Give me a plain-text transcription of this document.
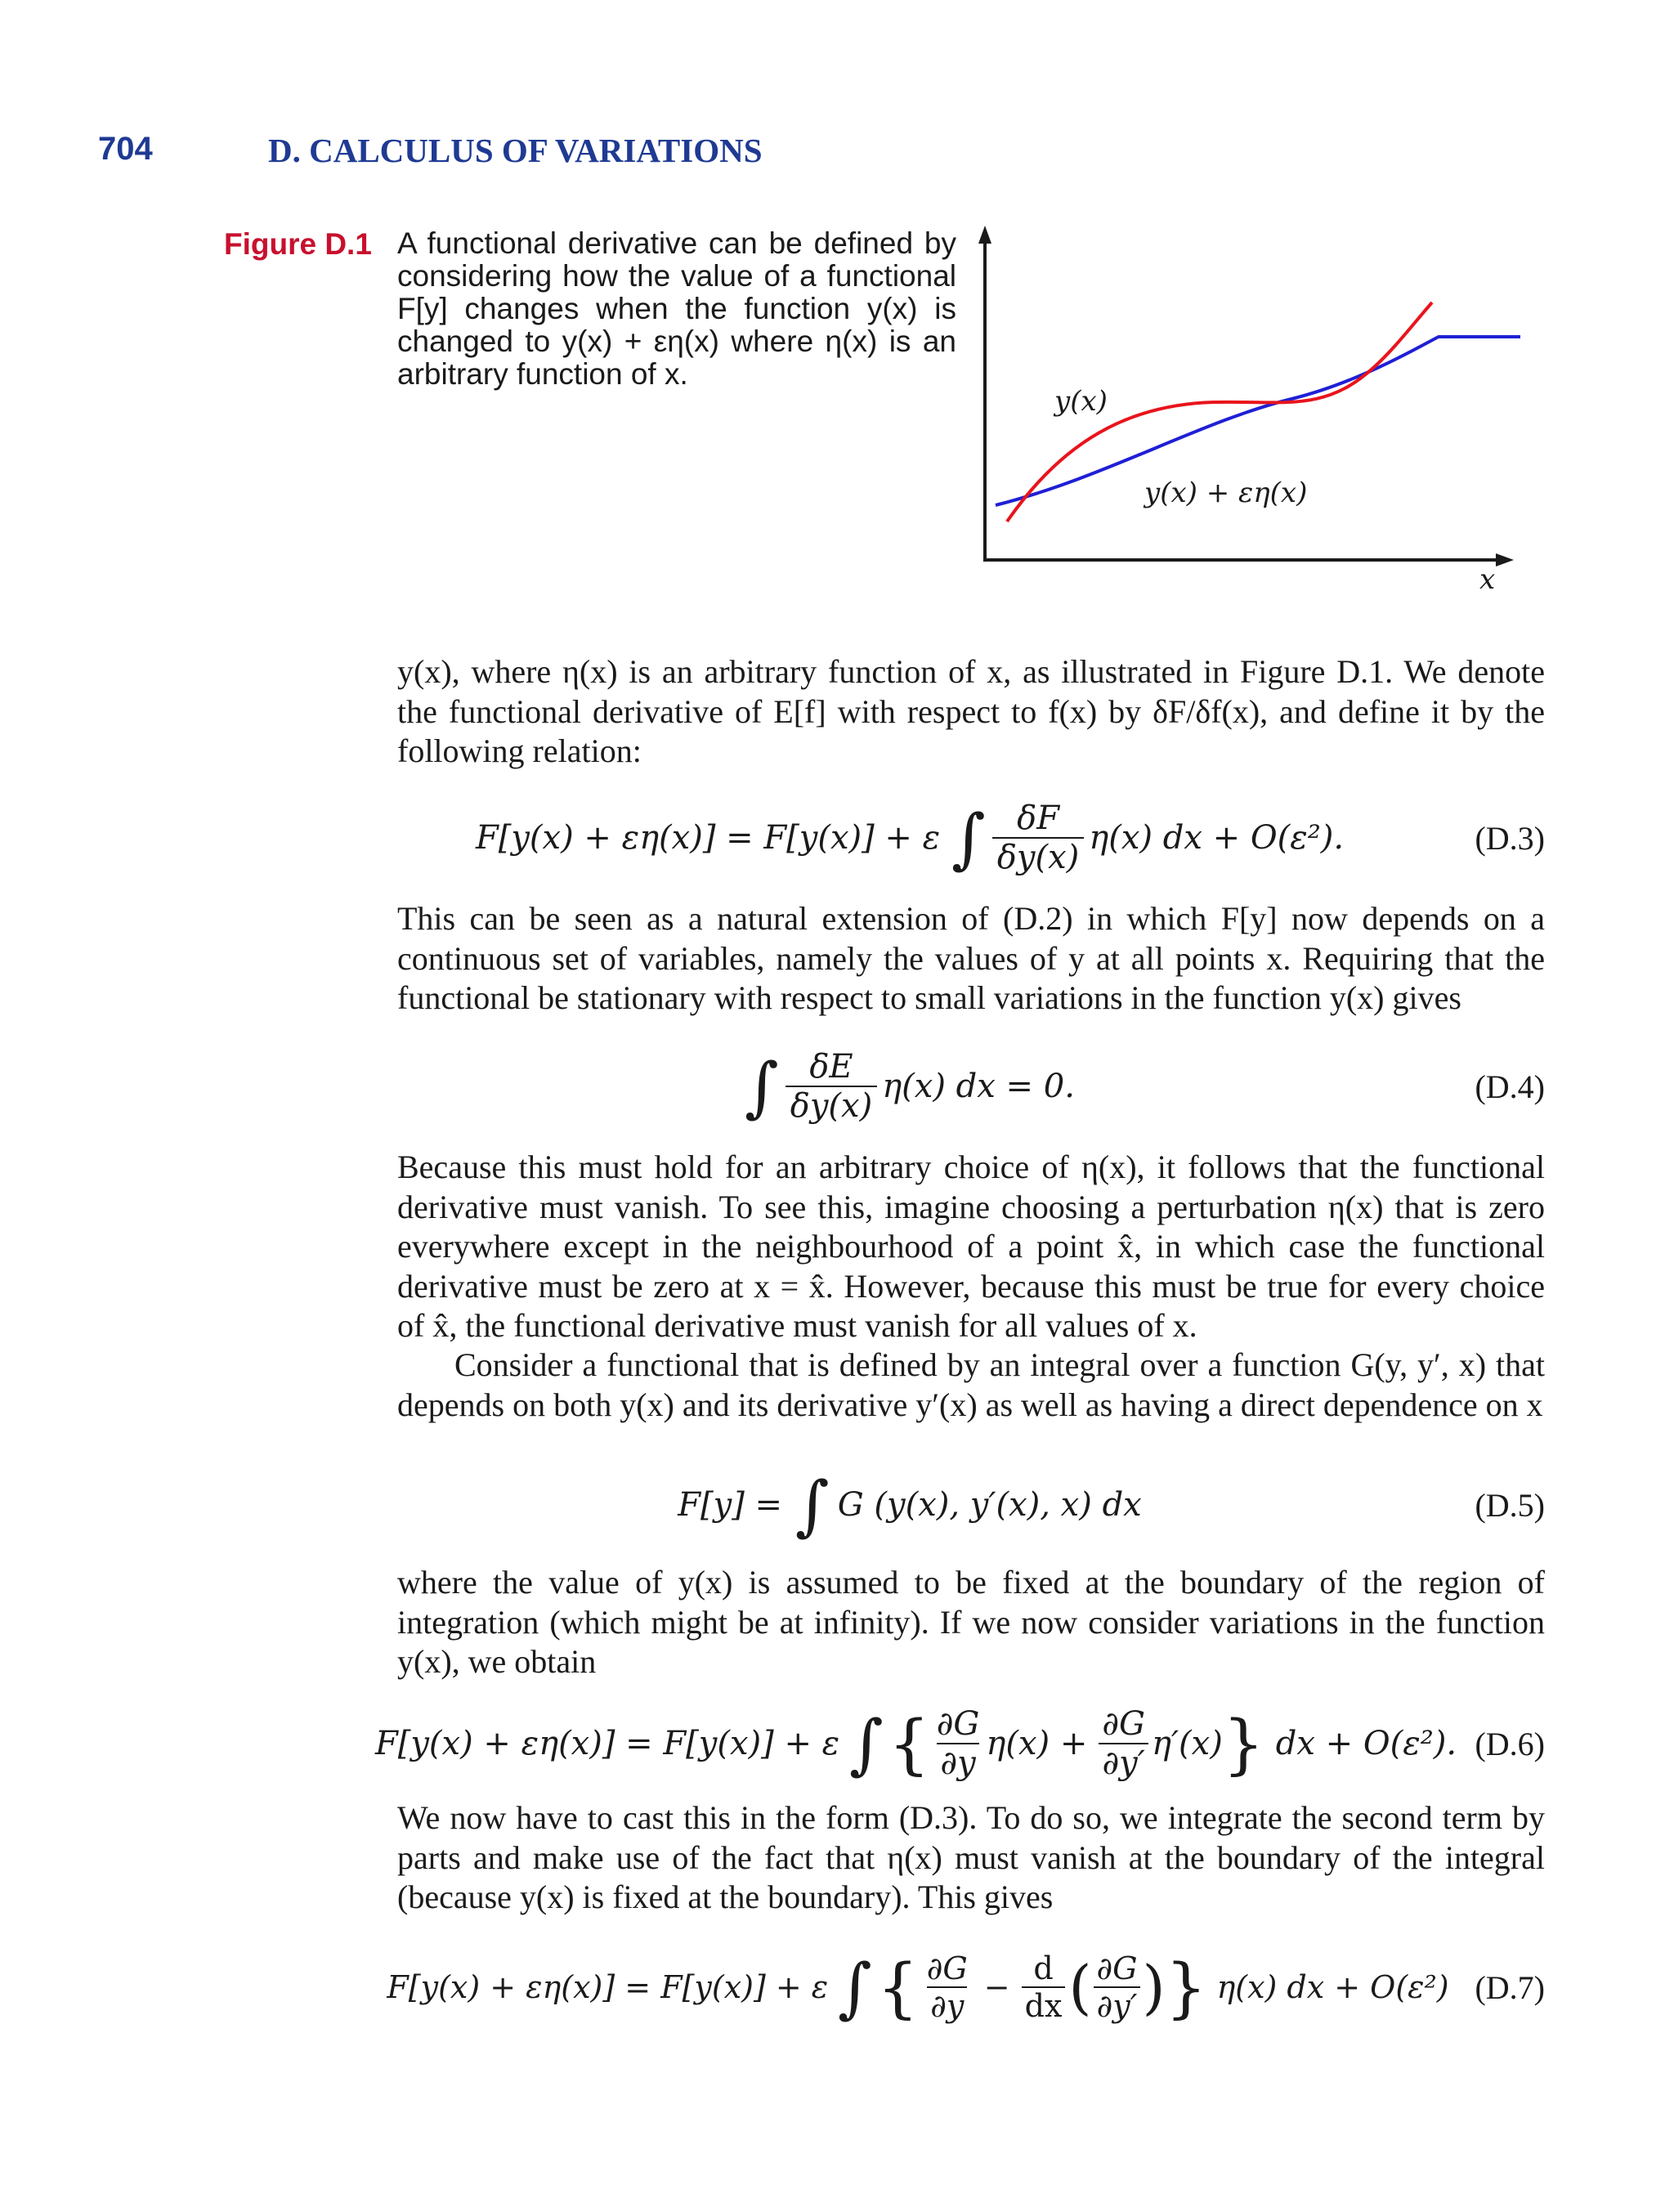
704	D. CALCULUS OF VARIATIONS
Figure D.1 A functional derivative can be defined by considering how the value of a functional F[y] changes when the function y(x) is changed to y(x) + εη(x) where η(x) is an arbitrary function of x.
y(x)
y(x) + εη(x)
x
y(x), where η(x) is an arbitrary function of x, as illustrated in Figure D.1. We denote the functional derivative of E[f] with respect to f(x) by δF/δf(x), and define it by the following relation:
F[y(x) + εη(x)] = F[y(x)] + ε ∫ $\frac{\delta F}{\delta y(x)} \eta(x)$ dx + O(ε²).	(D.3)
This can be seen as a natural extension of (D.2) in which F[y] now depends on a continuous set of variables, namely the values of y at all points x. Requiring that the functional be stationary with respect to small variations in the function y(x) gives
∫ $\frac{\delta E}{\delta y(x)} \eta(x)$ dx = 0.	(D.4)
Because this must hold for an arbitrary choice of η(x), it follows that the functional derivative must vanish. To see this, imagine choosing a perturbation η(x) that is zero everywhere except in the neighbourhood of a point x̂, in which case the functional derivative must be zero at x = x̂. However, because this must be true for every choice of x̂, the functional derivative must vanish for all values of x.
Consider a functional that is defined by an integral over a function G(y, y′, x) that depends on both y(x) and its derivative y′(x) as well as having a direct dependence on x
F[y] = ∫ G (y(x), y′(x), x) dx	(D.5)
where the value of y(x) is assumed to be fixed at the boundary of the region of integration (which might be at infinity). If we now consider variations in the function y(x), we obtain
F[y(x) + εη(x)] = F[y(x)] + ε ∫ { $\frac{\partial G}{\partial y} \eta(x) + \frac{\partial G}{\partial y'} \eta'(x)$ } dx + O(ε²). (D.6)
We now have to cast this in the form (D.3). To do so, we integrate the second term by parts and make use of the fact that η(x) must vanish at the boundary of the integral (because y(x) is fixed at the boundary). This gives
F[y(x) + εη(x)] = F[y(x)] + ε ∫ { $\frac{\partial G}{\partial y} - \frac{d}{dx}$ ( $\frac{\partial G}{\partial y'}$ ) } η(x) dx + O(ε²) (D.7)
